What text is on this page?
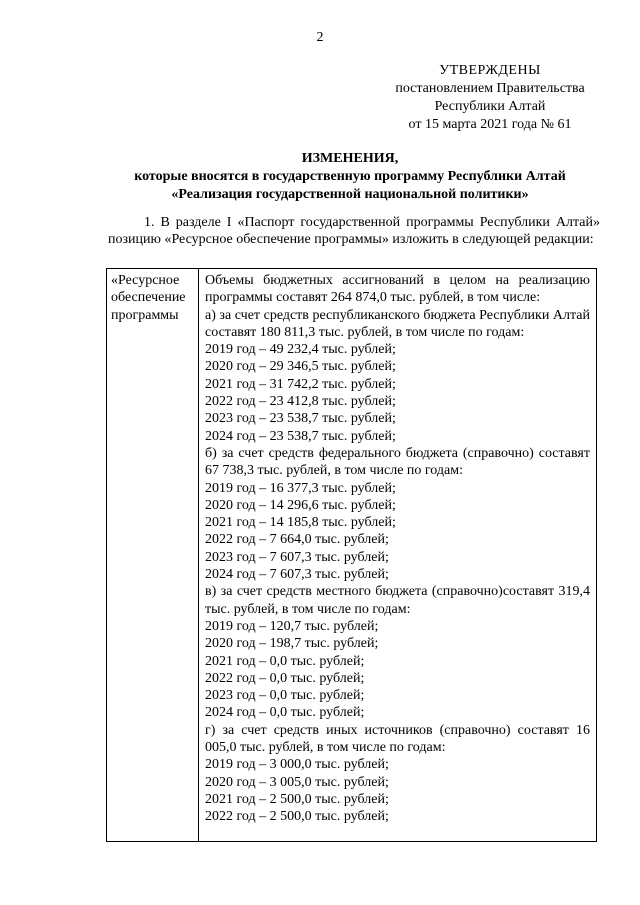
2
УТВЕРЖДЕНЫ
постановлением Правительства
Республики Алтай
от 15 марта 2021 года № 61
ИЗМЕНЕНИЯ,
которые вносятся в государственную программу Республики Алтай
«Реализация государственной национальной политики»
1. В разделе I «Паспорт государственной программы Республики Алтай» позицию «Ресурсное обеспечение программы» изложить в следующей редакции:
«Ресурсное обеспечение программы
Объемы бюджетных ассигнований в целом на реализацию программы составят 264 874,0 тыс. рублей, в том числе:
а) за счет средств республиканского бюджета Республики Алтай составят 180 811,3 тыс. рублей, в том числе по годам:
2019 год – 49 232,4 тыс. рублей;
2020 год – 29 346,5 тыс. рублей;
2021 год – 31 742,2 тыс. рублей;
2022 год – 23 412,8 тыс. рублей;
2023 год – 23 538,7 тыс. рублей;
2024 год – 23 538,7 тыс. рублей;
б) за счет средств федерального бюджета (справочно) составят 67 738,3 тыс. рублей, в том числе по годам:
2019 год – 16 377,3 тыс. рублей;
2020 год – 14 296,6 тыс. рублей;
2021 год – 14 185,8 тыс. рублей;
2022 год – 7 664,0 тыс. рублей;
2023 год – 7 607,3 тыс. рублей;
2024 год – 7 607,3 тыс. рублей;
в) за счет средств местного бюджета (справочно)составят 319,4 тыс. рублей, в том числе по годам:
2019 год – 120,7 тыс. рублей;
2020 год – 198,7 тыс. рублей;
2021 год – 0,0 тыс. рублей;
2022 год – 0,0 тыс. рублей;
2023 год – 0,0 тыс. рублей;
2024 год – 0,0 тыс. рублей;
г) за счет средств иных источников (справочно) составят 16 005,0 тыс. рублей, в том числе по годам:
2019 год – 3 000,0 тыс. рублей;
2020 год – 3 005,0 тыс. рублей;
2021 год – 2 500,0 тыс. рублей;
2022 год – 2 500,0 тыс. рублей;
